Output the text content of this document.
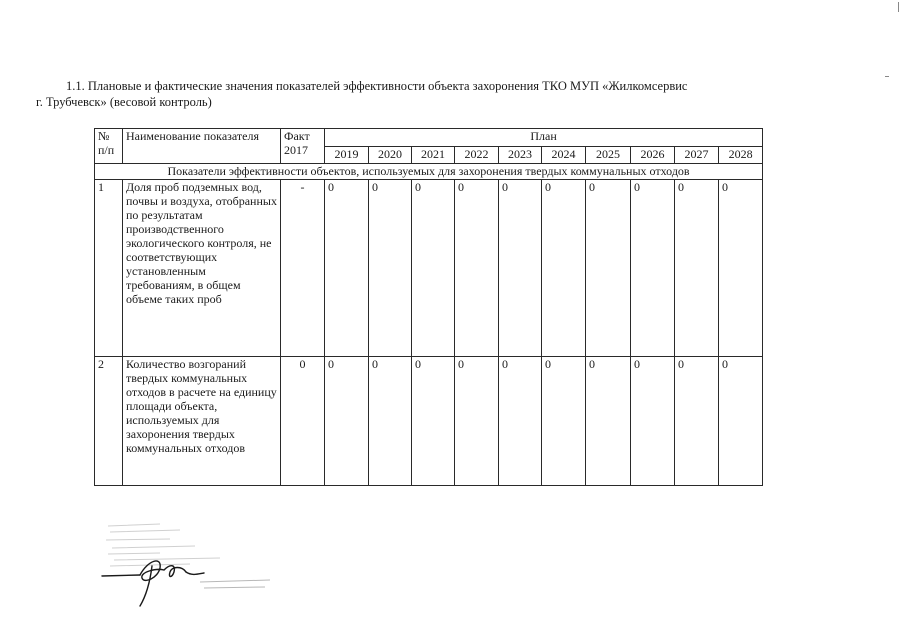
1.1. Плановые и фактические значения показателей эффективности объекта захоронения ТКО МУП «Жилкомсервис
г. Трубчевск» (весовой контроль)
№ п/п	Наименование показателя	Факт 2017	План									
			2019	2020	2021	2022	2023	2024	2025	2026	2027	2028
Показатели эффективности объектов, используемых для захоронения твердых коммунальных отходов												
1	Доля проб подземных вод, почвы и воздуха, отобранных по результатам производственного экологического контроля, не соответствующих установленным требованиям, в общем объеме таких проб	-	0	0	0	0	0	0	0	0	0	0
2	Количество возгораний твердых коммунальных отходов в расчете на единицу площади объекта, используемых для захоронения твердых коммунальных отходов	0	0	0	0	0	0	0	0	0	0	0
